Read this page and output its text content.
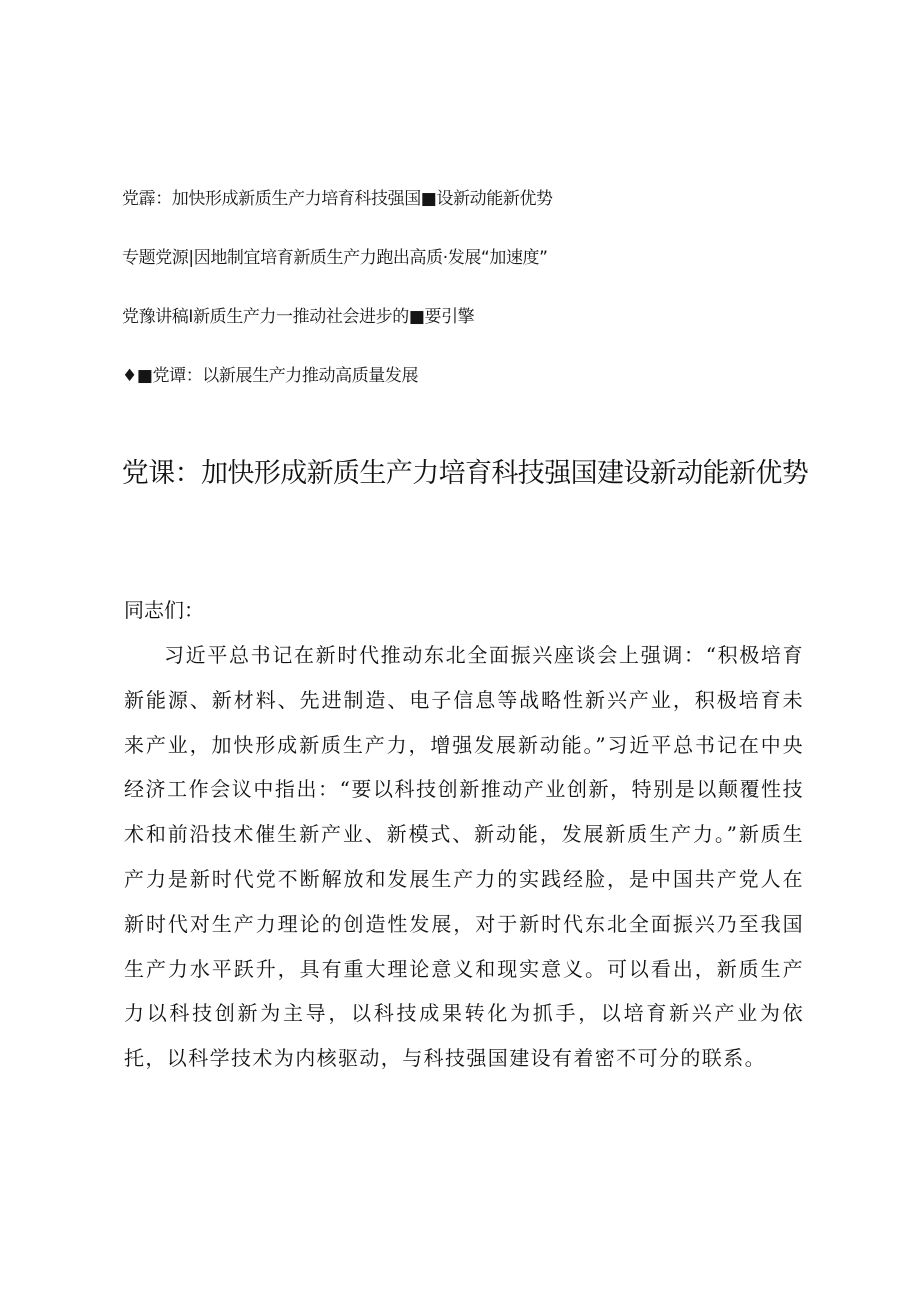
党霹：加快形成新质生产力培育科技强国■设新动能新优势
专题党源|因地制宜培育新质生产力跑出高质·发展“加速度”
党豫讲稿I新质生产力一推动社会进步的■要引擎
♦■党谭：以新展生产力推动高质量发展
党课：加快形成新质生产力培育科技强国建设新动能新优势

同志们：

习近平总书记在新时代推动东北全面振兴座谈会上强调：“积极培育新能源、新材料、先进制造、电子信息等战略性新兴产业，积极培育未来产业，加快形成新质生产力，增强发展新动能。”习近平总书记在中央经济工作会议中指出：“要以科技创新推动产业创新，特别是以颠覆性技术和前沿技术催生新产业、新模式、新动能，发展新质生产力。”新质生产力是新时代党不断解放和发展生产力的实践经脸，是中国共产党人在新时代对生产力理论的创造性发展，对于新时代东北全面振兴乃至我国生产力水平跃升，具有重大理论意义和现实意义。可以看出，新质生产力以科技创新为主导，以科技成果转化为抓手，以培育新兴产业为依托，以科学技术为内核驱动，与科技强国建设有着密不可分的联系。
